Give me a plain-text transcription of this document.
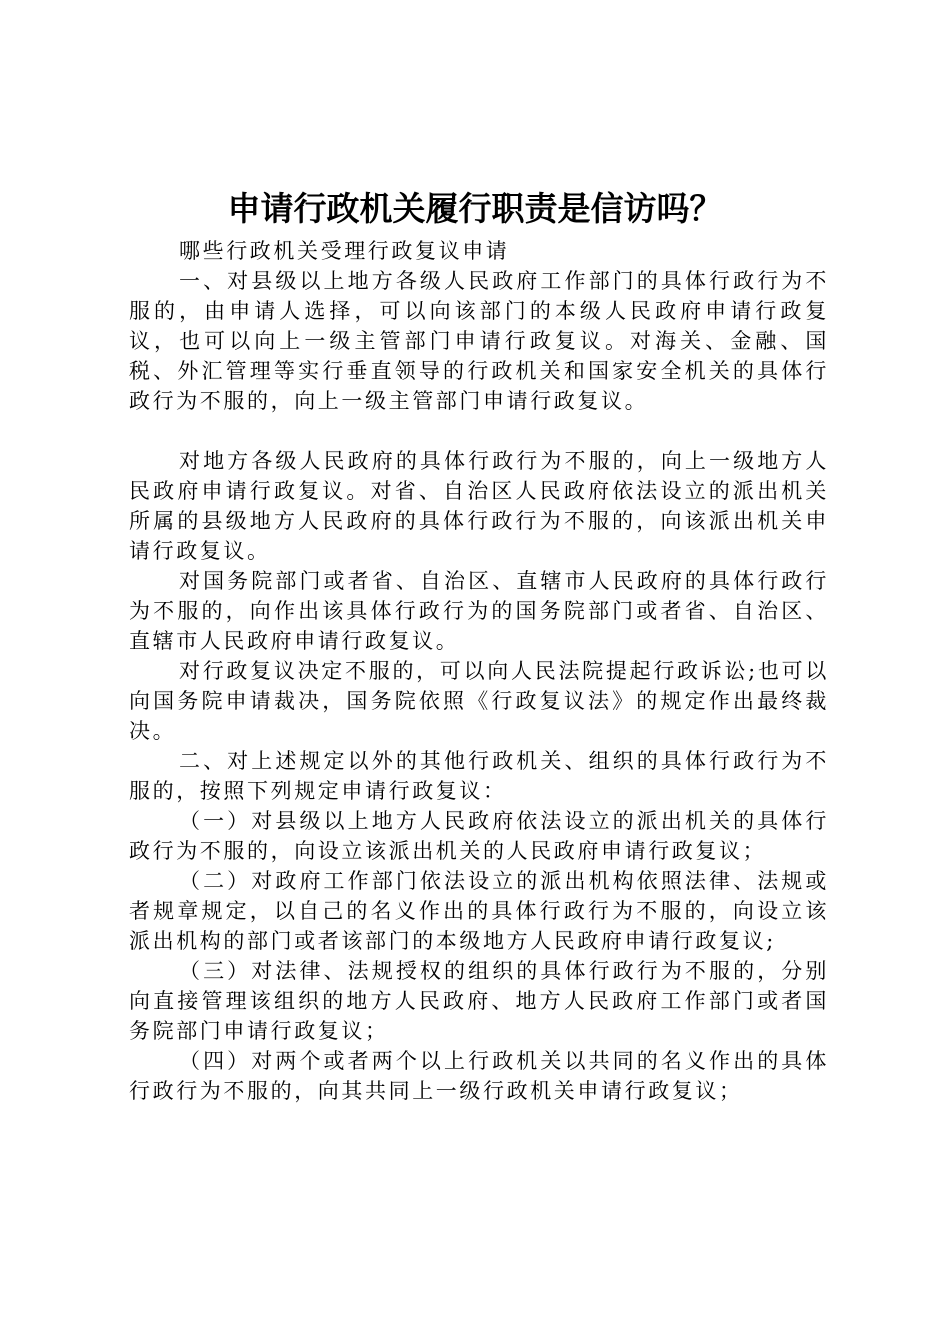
申请行政机关履行职责是信访吗？

哪些行政机关受理行政复议申请

一、对县级以上地方各级人民政府工作部门的具体行政行为不服的，由申请人选择，可以向该部门的本级人民政府申请行政复议，也可以向上一级主管部门申请行政复议。对海关、金融、国税、外汇管理等实行垂直领导的行政机关和国家安全机关的具体行政行为不服的，向上一级主管部门申请行政复议。

对地方各级人民政府的具体行政行为不服的，向上一级地方人民政府申请行政复议。对省、自治区人民政府依法设立的派出机关所属的县级地方人民政府的具体行政行为不服的，向该派出机关申请行政复议。

对国务院部门或者省、自治区、直辖市人民政府的具体行政行为不服的，向作出该具体行政行为的国务院部门或者省、自治区、直辖市人民政府申请行政复议。

对行政复议决定不服的，可以向人民法院提起行政诉讼;也可以向国务院申请裁决，国务院依照《行政复议法》的规定作出最终裁决。

二、对上述规定以外的其他行政机关、组织的具体行政行为不服的，按照下列规定申请行政复议：

（一）对县级以上地方人民政府依法设立的派出机关的具体行政行为不服的，向设立该派出机关的人民政府申请行政复议；

（二）对政府工作部门依法设立的派出机构依照法律、法规或者规章规定，以自己的名义作出的具体行政行为不服的，向设立该派出机构的部门或者该部门的本级地方人民政府申请行政复议;

（三）对法律、法规授权的组织的具体行政行为不服的，分别向直接管理该组织的地方人民政府、地方人民政府工作部门或者国务院部门申请行政复议；

（四）对两个或者两个以上行政机关以共同的名义作出的具体行政行为不服的，向其共同上一级行政机关申请行政复议；
